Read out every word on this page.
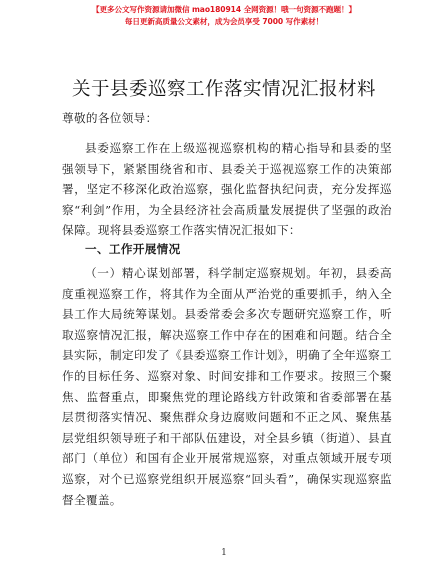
【更多公文写作资源请加微信 mao180914 全网资源！哦一句资源不跑题！】
每日更新高质量公文素材，成为会员享受 7000 写作素材！
关于县委巡察工作落实情况汇报材料

尊敬的各位领导：

县委巡察工作在上级巡视巡察机构的精心指导和县委的坚强领导下，紧紧围绕省和市、县委关于巡视巡察工作的决策部署，坚定不移深化政治巡察，强化监督执纪问责，充分发挥巡察“利剑”作用，为全县经济社会高质量发展提供了坚强的政治保障。现将县委巡察工作落实情况汇报如下：

一、工作开展情况

（一）精心谋划部署，科学制定巡察规划。年初，县委高度重视巡察工作，将其作为全面从严治党的重要抓手，纳入全县工作大局统筹谋划。县委常委会多次专题研究巡察工作，听取巡察情况汇报，解决巡察工作中存在的困难和问题。结合全县实际，制定印发了《县委巡察工作计划》，明确了全年巡察工作的目标任务、巡察对象、时间安排和工作要求。按照三个聚焦、监督重点，即聚焦党的理论路线方针政策和省委部署在基层贯彻落实情况、聚焦群众身边腐败问题和不正之风、聚焦基层党组织领导班子和干部队伍建设，对全县乡镇（街道）、县直部门（单位）和国有企业开展常规巡察，对重点领域开展专项巡察，对个已巡察党组织开展巡察“回头看”，确保实现巡察监督全覆盖。

1
